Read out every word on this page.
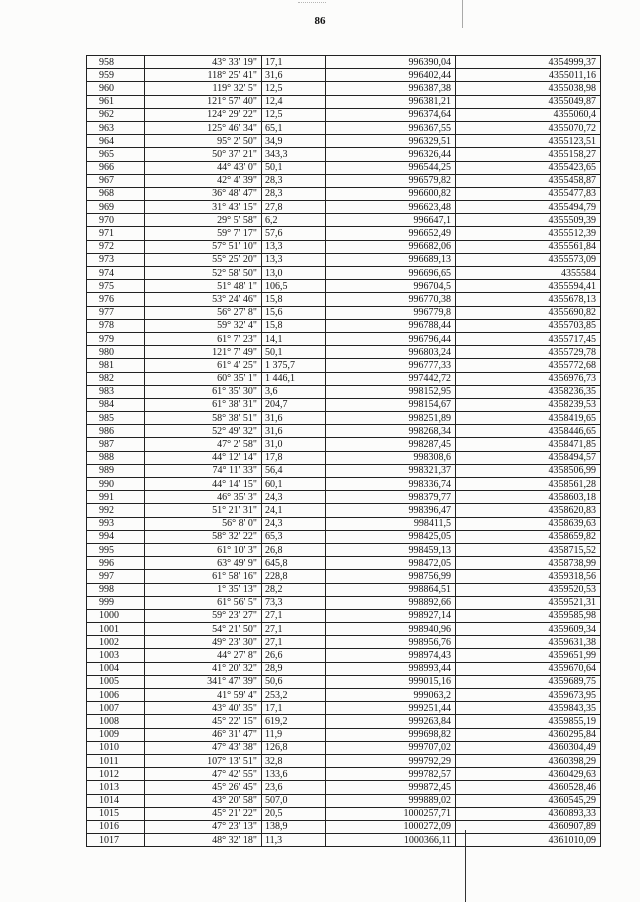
86
958	43° 33' 19"	17,1	996390,04	4354999,37
959	118° 25' 41"	31,6	996402,44	4355011,16
960	119° 32' 5"	12,5	996387,38	4355038,98
961	121° 57' 40"	12,4	996381,21	4355049,87
962	124° 29' 22"	12,5	996374,64	4355060,4
963	125° 46' 34"	65,1	996367,55	4355070,72
964	95° 2' 50"	34,9	996329,51	4355123,51
965	50° 37' 21"	343,3	996326,44	4355158,27
966	44° 43' 0"	50,1	996544,25	4355423,65
967	42° 4' 39"	28,3	996579,82	4355458,87
968	36° 48' 47"	28,3	996600,82	4355477,83
969	31° 43' 15"	27,8	996623,48	4355494,79
970	29° 5' 58"	6,2	996647,1	4355509,39
971	59° 7' 17"	57,6	996652,49	4355512,39
972	57° 51' 10"	13,3	996682,06	4355561,84
973	55° 25' 20"	13,3	996689,13	4355573,09
974	52° 58' 50"	13,0	996696,65	4355584
975	51° 48' 1"	106,5	996704,5	4355594,41
976	53° 24' 46"	15,8	996770,38	4355678,13
977	56° 27' 8"	15,6	996779,8	4355690,82
978	59° 32' 4"	15,8	996788,44	4355703,85
979	61° 7' 23"	14,1	996796,44	4355717,45
980	121° 7' 49"	50,1	996803,24	4355729,78
981	61° 4' 25"	1 375,7	996777,33	4355772,68
982	60° 35' 1"	1 446,1	997442,72	4356976,73
983	61° 35' 30"	3,6	998152,95	4358236,35
984	61° 38' 31"	204,7	998154,67	4358239,53
985	58° 38' 51"	31,6	998251,89	4358419,65
986	52° 49' 32"	31,6	998268,34	4358446,65
987	47° 2' 58"	31,0	998287,45	4358471,85
988	44° 12' 14"	17,8	998308,6	4358494,57
989	74° 11' 33"	56,4	998321,37	4358506,99
990	44° 14' 15"	60,1	998336,74	4358561,28
991	46° 35' 3"	24,3	998379,77	4358603,18
992	51° 21' 31"	24,1	998396,47	4358620,83
993	56° 8' 0"	24,3	998411,5	4358639,63
994	58° 32' 22"	65,3	998425,05	4358659,82
995	61° 10' 3"	26,8	998459,13	4358715,52
996	63° 49' 9"	645,8	998472,05	4358738,99
997	61° 58' 16"	228,8	998756,99	4359318,56
998	1° 35' 13"	28,2	998864,51	4359520,53
999	61° 56' 5"	73,3	998892,66	4359521,31
1000	59° 23' 27"	27,1	998927,14	4359585,98
1001	54° 21' 50"	27,1	998940,96	4359609,34
1002	49° 23' 30"	27,1	998956,76	4359631,38
1003	44° 27' 8"	26,6	998974,43	4359651,99
1004	41° 20' 32"	28,9	998993,44	4359670,64
1005	341° 47' 39"	50,6	999015,16	4359689,75
1006	41° 59' 4"	253,2	999063,2	4359673,95
1007	43° 40' 35"	17,1	999251,44	4359843,35
1008	45° 22' 15"	619,2	999263,84	4359855,19
1009	46° 31' 47"	11,9	999698,82	4360295,84
1010	47° 43' 38"	126,8	999707,02	4360304,49
1011	107° 13' 51"	32,8	999792,29	4360398,29
1012	47° 42' 55"	133,6	999782,57	4360429,63
1013	45° 26' 45"	23,6	999872,45	4360528,46
1014	43° 20' 58"	507,0	999889,02	4360545,29
1015	45° 21' 22"	20,5	1000257,71	4360893,33
1016	47° 23' 13"	138,9	1000272,09	4360907,89
1017	48° 32' 18"	11,3	1000366,11	4361010,09
